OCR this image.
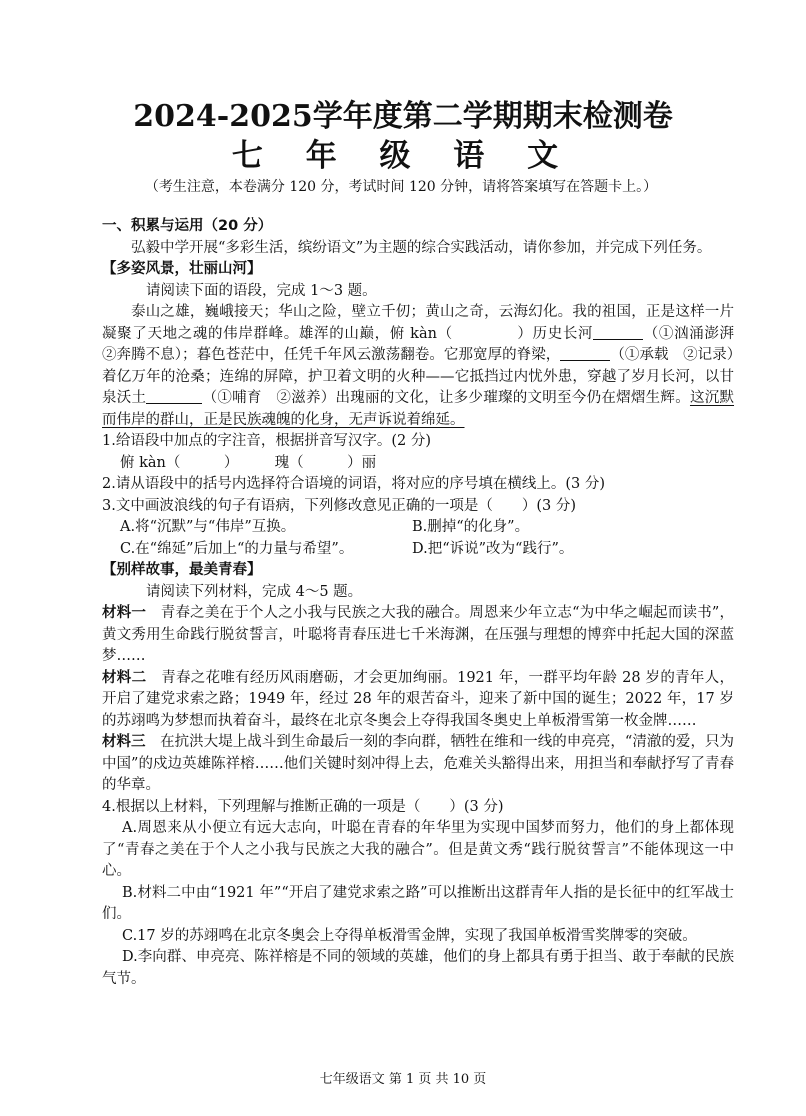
2024-2025学年度第二学期期末检测卷
七 年 级 语 文
（考生注意，本卷满分 120 分，考试时间 120 分钟，请将答案填写在答题卡上。）

一、积累与运用（20 分）

弘毅中学开展“多彩生活，缤纷语文”为主题的综合实践活动，请你参加，并完成下列任务。

【多姿风景，壮丽山河】

请阅读下面的语段，完成 1～3 题。

泰山之雄，巍峨接天；华山之险，壁立千仞；黄山之奇，云海幻化。我的祖国，正是这样一片凝聚了天地之魂的伟岸群峰。雄浑的山巅，俯 kàn（	）历史长河	（①汹涌澎湃　②奔腾不息）；暮色苍茫中，任凭千年风云激荡翻卷。它那宽厚的脊梁，	（①承载　②记录）着亿万年的沧桑；连绵的屏障，护卫着文明的火种——它抵挡过内忧外患，穿越了岁月长河，以甘泉沃土	（①哺育　②滋养）出瑰丽的文化，让多少璀璨的文明至今仍在熠熠生辉。这沉默而伟岸的群山，正是民族魂魄的化身，无声诉说着绵延。

1.给语段中加点的字注音，根据拼音写汉字。(2 分)

俯 kàn（　　　）　　　瑰（　　　）丽

2.请从语段中的括号内选择符合语境的词语，将对应的序号填在横线上。(3 分)

3.文中画波浪线的句子有语病，下列修改意见正确的一项是（　　）(3 分)

A.将“沉默”与“伟岸”互换。	B.删掉“的化身”。
C.在“绵延”后加上“的力量与希望”。	D.把“诉说”改为“践行”。

【别样故事，最美青春】

请阅读下列材料，完成 4～5 题。

材料一　 青春之美在于个人之小我与民族之大我的融合。周恩来少年立志“为中华之崛起而读书”，黄文秀用生命践行脱贫誓言，叶聪将青春压进七千米海渊，在压强与理想的博弈中托起大国的深蓝梦……

材料二　 青春之花唯有经历风雨磨砺，才会更加绚丽。1921 年，一群平均年龄 28 岁的青年人，开启了建党求索之路；1949 年，经过 28 年的艰苦奋斗，迎来了新中国的诞生；2022 年，17 岁的苏翊鸣为梦想而执着奋斗，最终在北京冬奥会上夺得我国冬奥史上单板滑雪第一枚金牌……

材料三　 在抗洪大堤上战斗到生命最后一刻的李向群，牺牲在维和一线的申亮亮，“清澈的爱，只为中国”的戍边英雄陈祥榕……他们关键时刻冲得上去，危难关头豁得出来，用担当和奉献抒写了青春的华章。

4.根据以上材料，下列理解与推断正确的一项是（　　）(3 分)

A.周恩来从小便立有远大志向，叶聪在青春的年华里为实现中国梦而努力，他们的身上都体现了“青春之美在于个人之小我与民族之大我的融合”。但是黄文秀“践行脱贫誓言”不能体现这一中心。

B.材料二中由“1921 年”“开启了建党求索之路”可以推断出这群青年人指的是长征中的红军战士们。

C.17 岁的苏翊鸣在北京冬奥会上夺得单板滑雪金牌，实现了我国单板滑雪奖牌零的突破。

D.李向群、申亮亮、陈祥榕是不同的领域的英雄，他们的身上都具有勇于担当、敢于奉献的民族气节。

七年级语文 第 1 页 共 10 页
